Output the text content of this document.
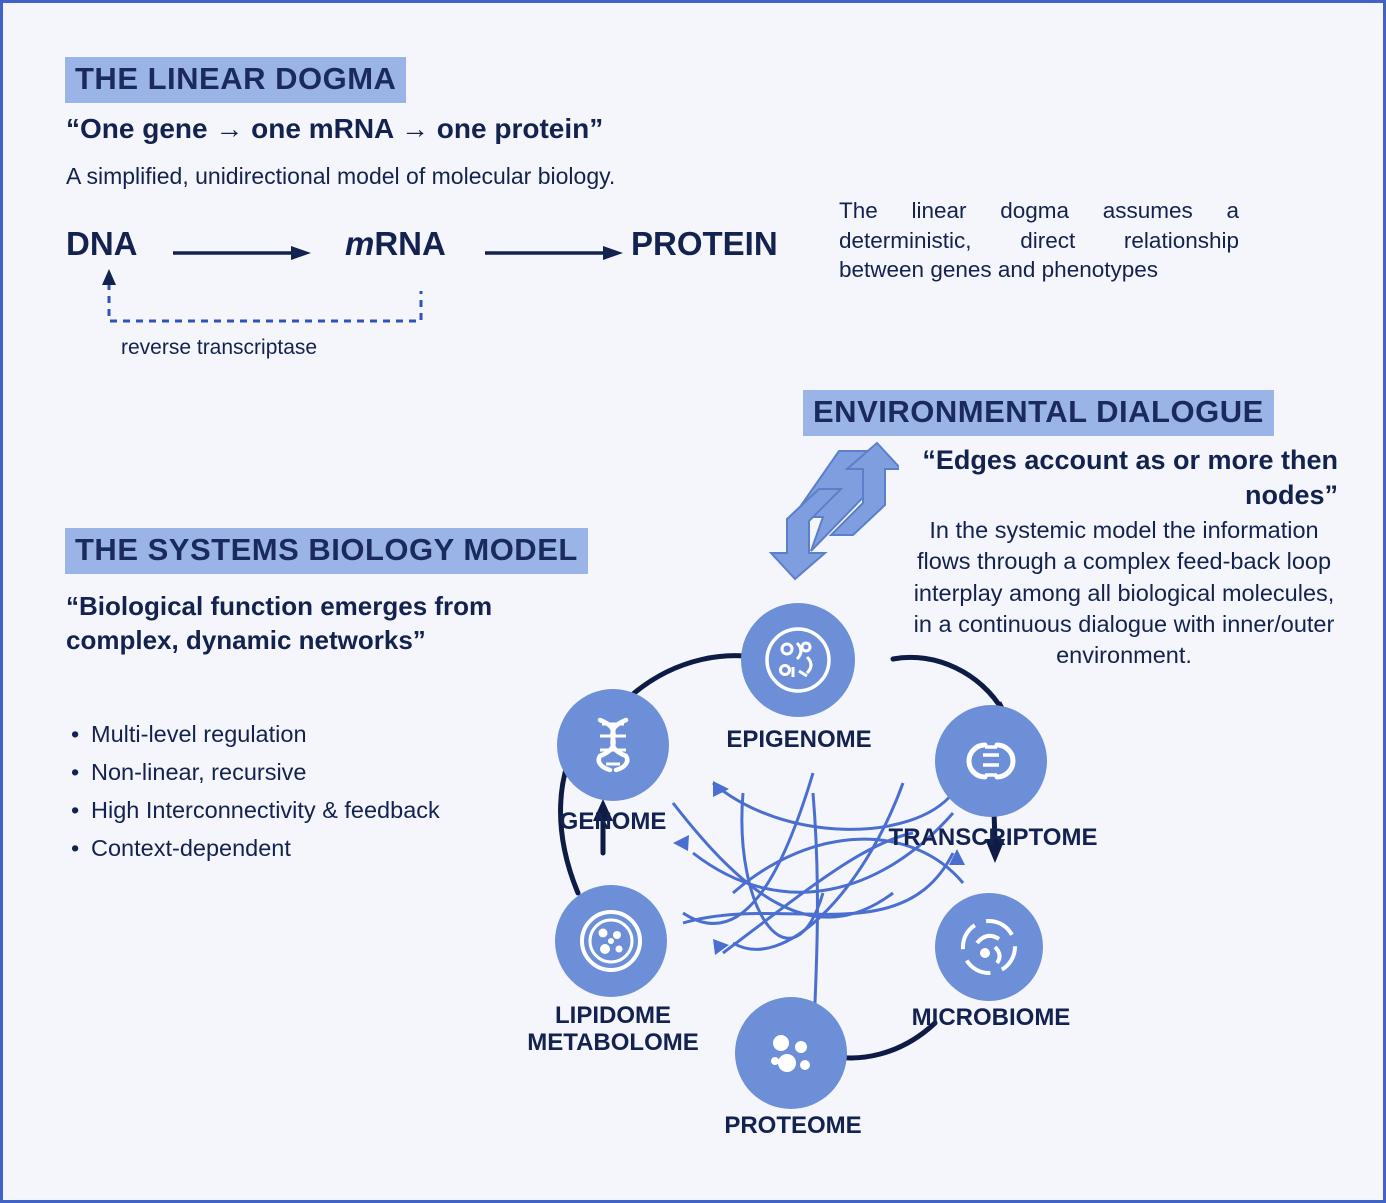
THE LINEAR DOGMA
“One gene → one mRNA → one protein”
A simplified, unidirectional model of molecular biology.
DNA	mRNA	PROTEIN
reverse transcriptase
The linear dogma assumes a deterministic, direct relationship between genes and phenotypes
THE SYSTEMS BIOLOGY MODEL
“Biological function emerges from complex, dynamic networks”
• Multi-level regulation
• Non-linear, recursive
• High Interconnectivity & feedback
• Context-dependent
ENVIRONMENTAL DIALOGUE
“Edges account as or more then nodes”
In the systemic model the information flows through a complex feed-back loop interplay among all biological molecules, in a continuous dialogue with inner/outer environment.
EPIGENOME
GENOME
TRANSCRIPTOME
MICROBIOME
PROTEOME
LIPIDOME
METABOLOME
